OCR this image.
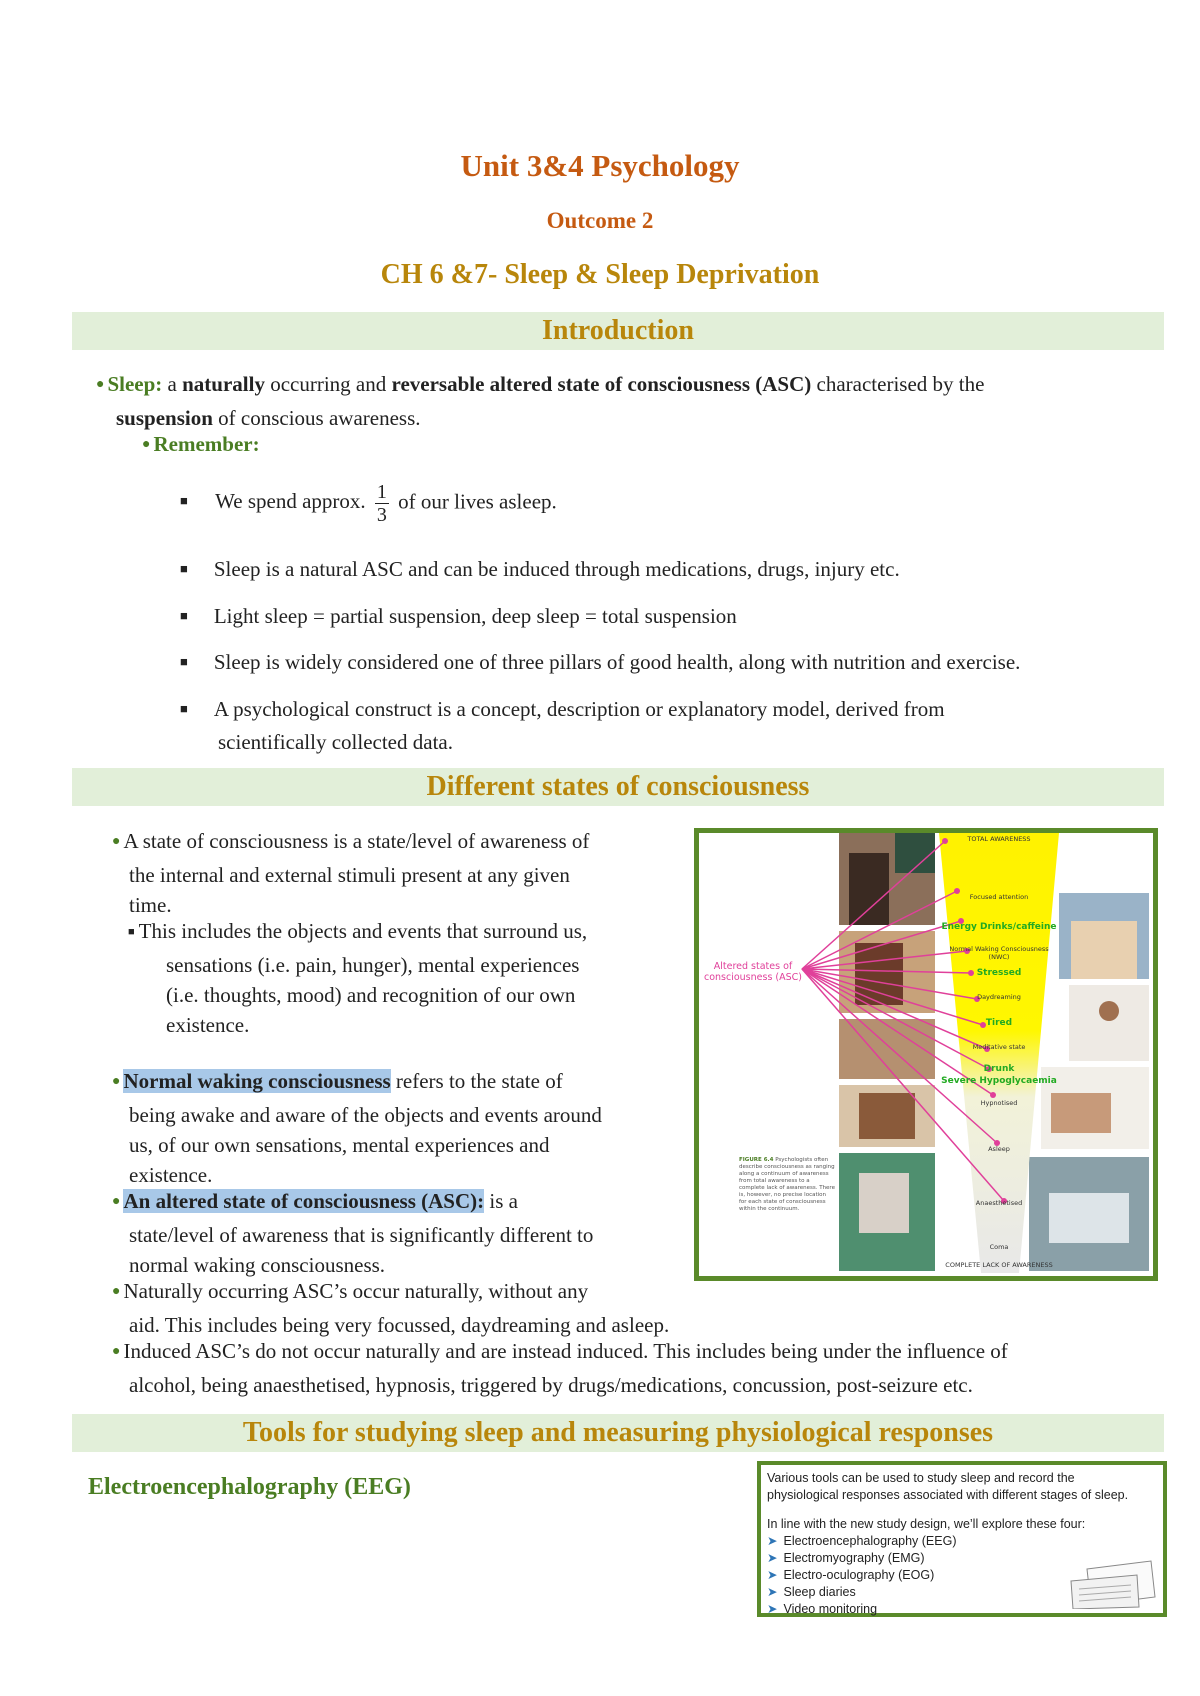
Unit 3&4 Psychology
Outcome 2
CH 6 &7- Sleep & Sleep Deprivation
Introduction
● Sleep: a naturally occurring and reversable altered state of consciousness (ASC) characterised by the
suspension of conscious awareness.
● Remember:
■ We spend approx. $\frac{1}{3}$ of our lives asleep.
■ Sleep is a natural ASC and can be induced through medications, drugs, injury etc.
■ Light sleep = partial suspension, deep sleep = total suspension
■ Sleep is widely considered one of three pillars of good health, along with nutrition and exercise.
■ A psychological construct is a concept, description or explanatory model, derived from
scientifically collected data.
Different states of consciousness
● A state of consciousness is a state/level of awareness of
the internal and external stimuli present at any given
time.
■ This includes the objects and events that surround us,
sensations (i.e. pain, hunger), mental experiences
(i.e. thoughts, mood) and recognition of our own
existence.
● Normal waking consciousness refers to the state of
being awake and aware of the objects and events around
us, of our own sensations, mental experiences and
existence.
● An altered state of consciousness (ASC): is a
state/level of awareness that is significantly different to
normal waking consciousness.
● Naturally occurring ASC’s occur naturally, without any
aid. This includes being very focussed, daydreaming and asleep.
● Induced ASC’s do not occur naturally and are instead induced. This includes being under the influence of
alcohol, being anaesthetised, hypnosis, triggered by drugs/medications, concussion, post-seizure etc.
Altered states of consciousness (ASC)
TOTAL AWARENESS
Focused attention
Energy Drinks/caffeine
Normal Waking Consciousness (NWC)
Stressed
Daydreaming
Tired
Meditative state
Drunk
Severe Hypoglycaemia
Hypnotised
Asleep
Anaesthetised
Coma
COMPLETE LACK OF AWARENESS
FIGURE 6.4 Psychologists often describe consciousness as ranging along a continuum of awareness from total awareness to a complete lack of awareness. There is, however, no precise location for each state of consciousness within the continuum.
Tools for studying sleep and measuring physiological responses
Electroencephalography (EEG)	Various tools can be used to study sleep and record the
physiological responses associated with different stages of sleep.
In line with the new study design, we’ll explore these four:
➤ Electroencephalography (EEG)
➤ Electromyography (EMG)
➤ Electro-oculography (EOG)
➤ Sleep diaries
➤ Video monitoring
